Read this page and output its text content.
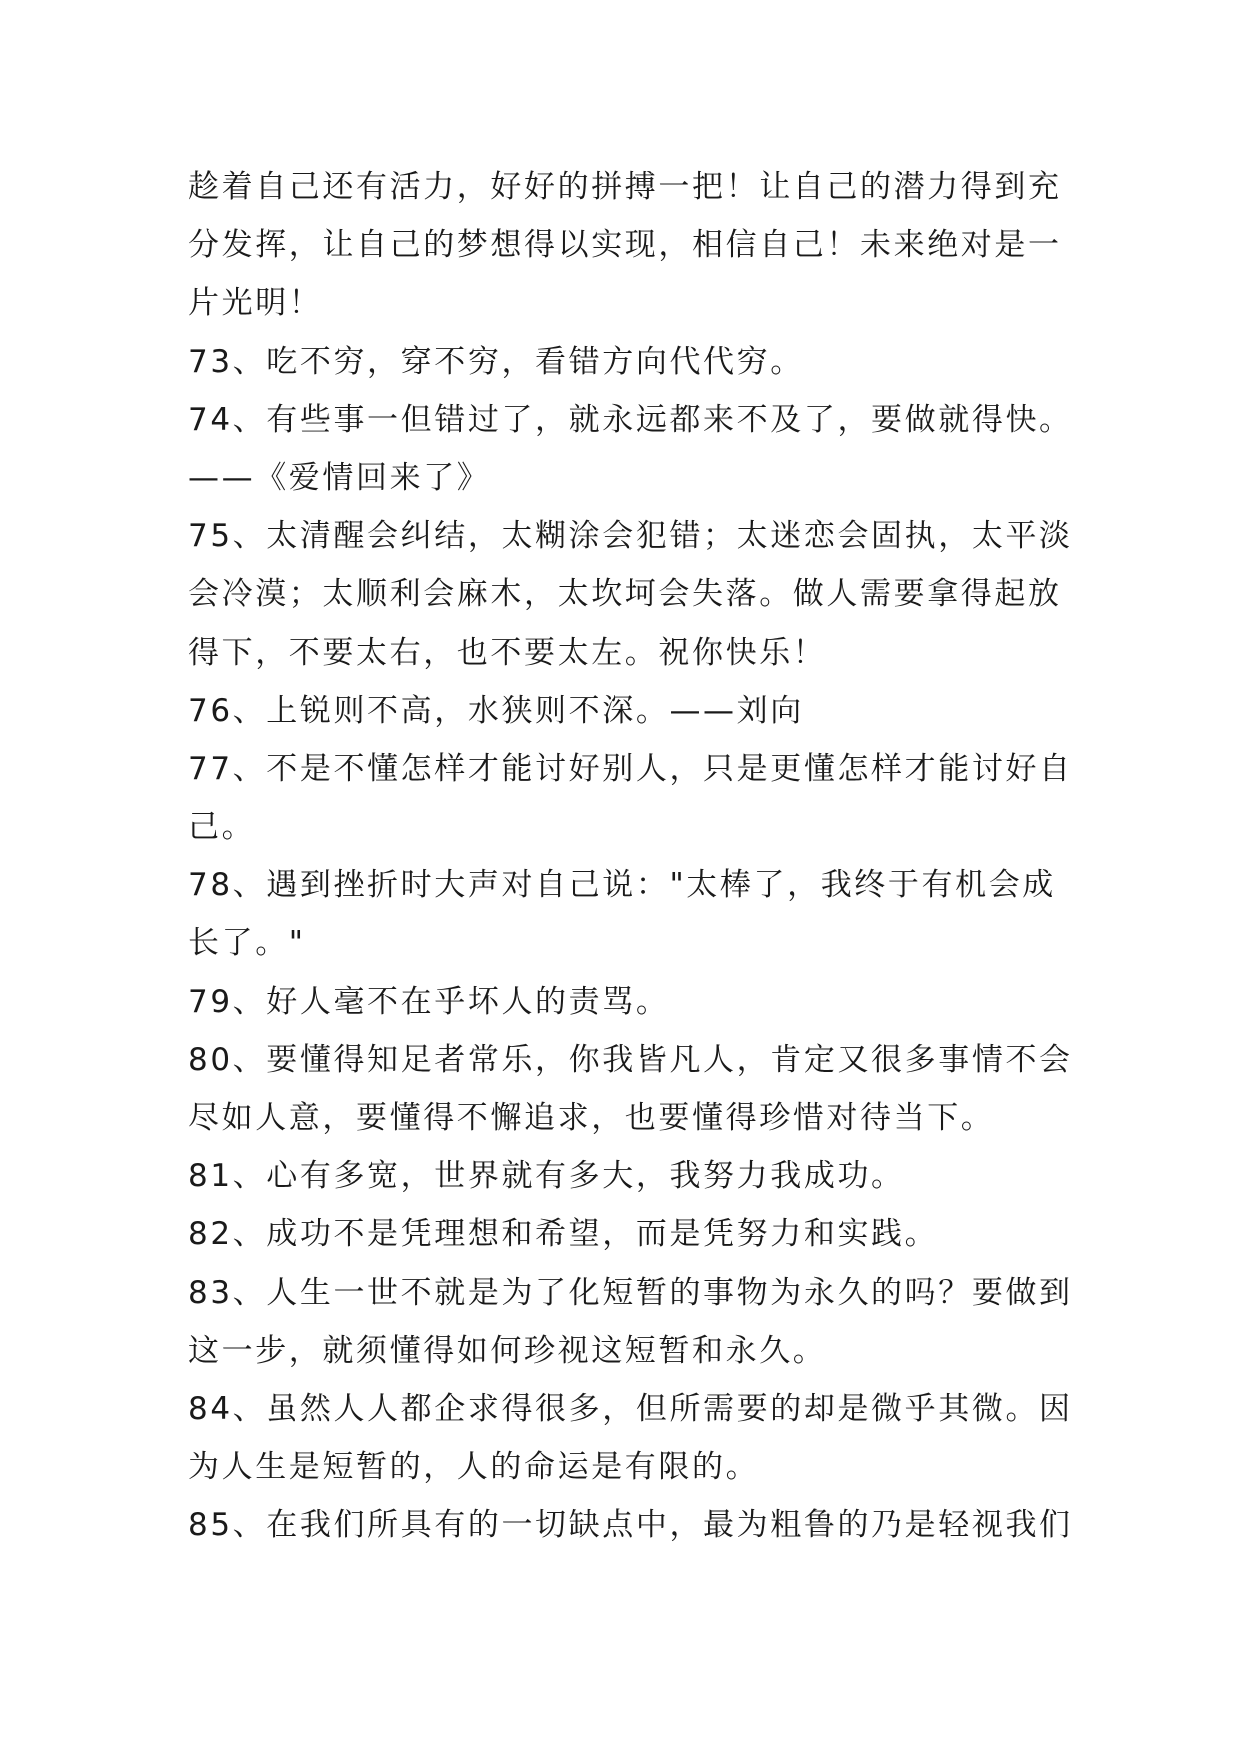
趁着自己还有活力，好好的拼搏一把！让自己的潜力得到充
分发挥，让自己的梦想得以实现，相信自己！未来绝对是一
片光明！
73、吃不穷，穿不穷，看错方向代代穷。
74、有些事一但错过了，就永远都来不及了，要做就得快。
——《爱情回来了》
75、太清醒会纠结，太糊涂会犯错；太迷恋会固执，太平淡
会冷漠；太顺利会麻木，太坎坷会失落。做人需要拿得起放
得下，不要太右，也不要太左。祝你快乐！
76、上锐则不高，水狭则不深。——刘向
77、不是不懂怎样才能讨好别人，只是更懂怎样才能讨好自
己。
78、遇到挫折时大声对自己说："太棒了，我终于有机会成
长了。"
79、好人毫不在乎坏人的责骂。
80、要懂得知足者常乐，你我皆凡人，肯定又很多事情不会
尽如人意，要懂得不懈追求，也要懂得珍惜对待当下。
81、心有多宽，世界就有多大，我努力我成功。
82、成功不是凭理想和希望，而是凭努力和实践。
83、人生一世不就是为了化短暂的事物为永久的吗？要做到
这一步，就须懂得如何珍视这短暂和永久。
84、虽然人人都企求得很多，但所需要的却是微乎其微。因
为人生是短暂的，人的命运是有限的。
85、在我们所具有的一切缺点中，最为粗鲁的乃是轻视我们
